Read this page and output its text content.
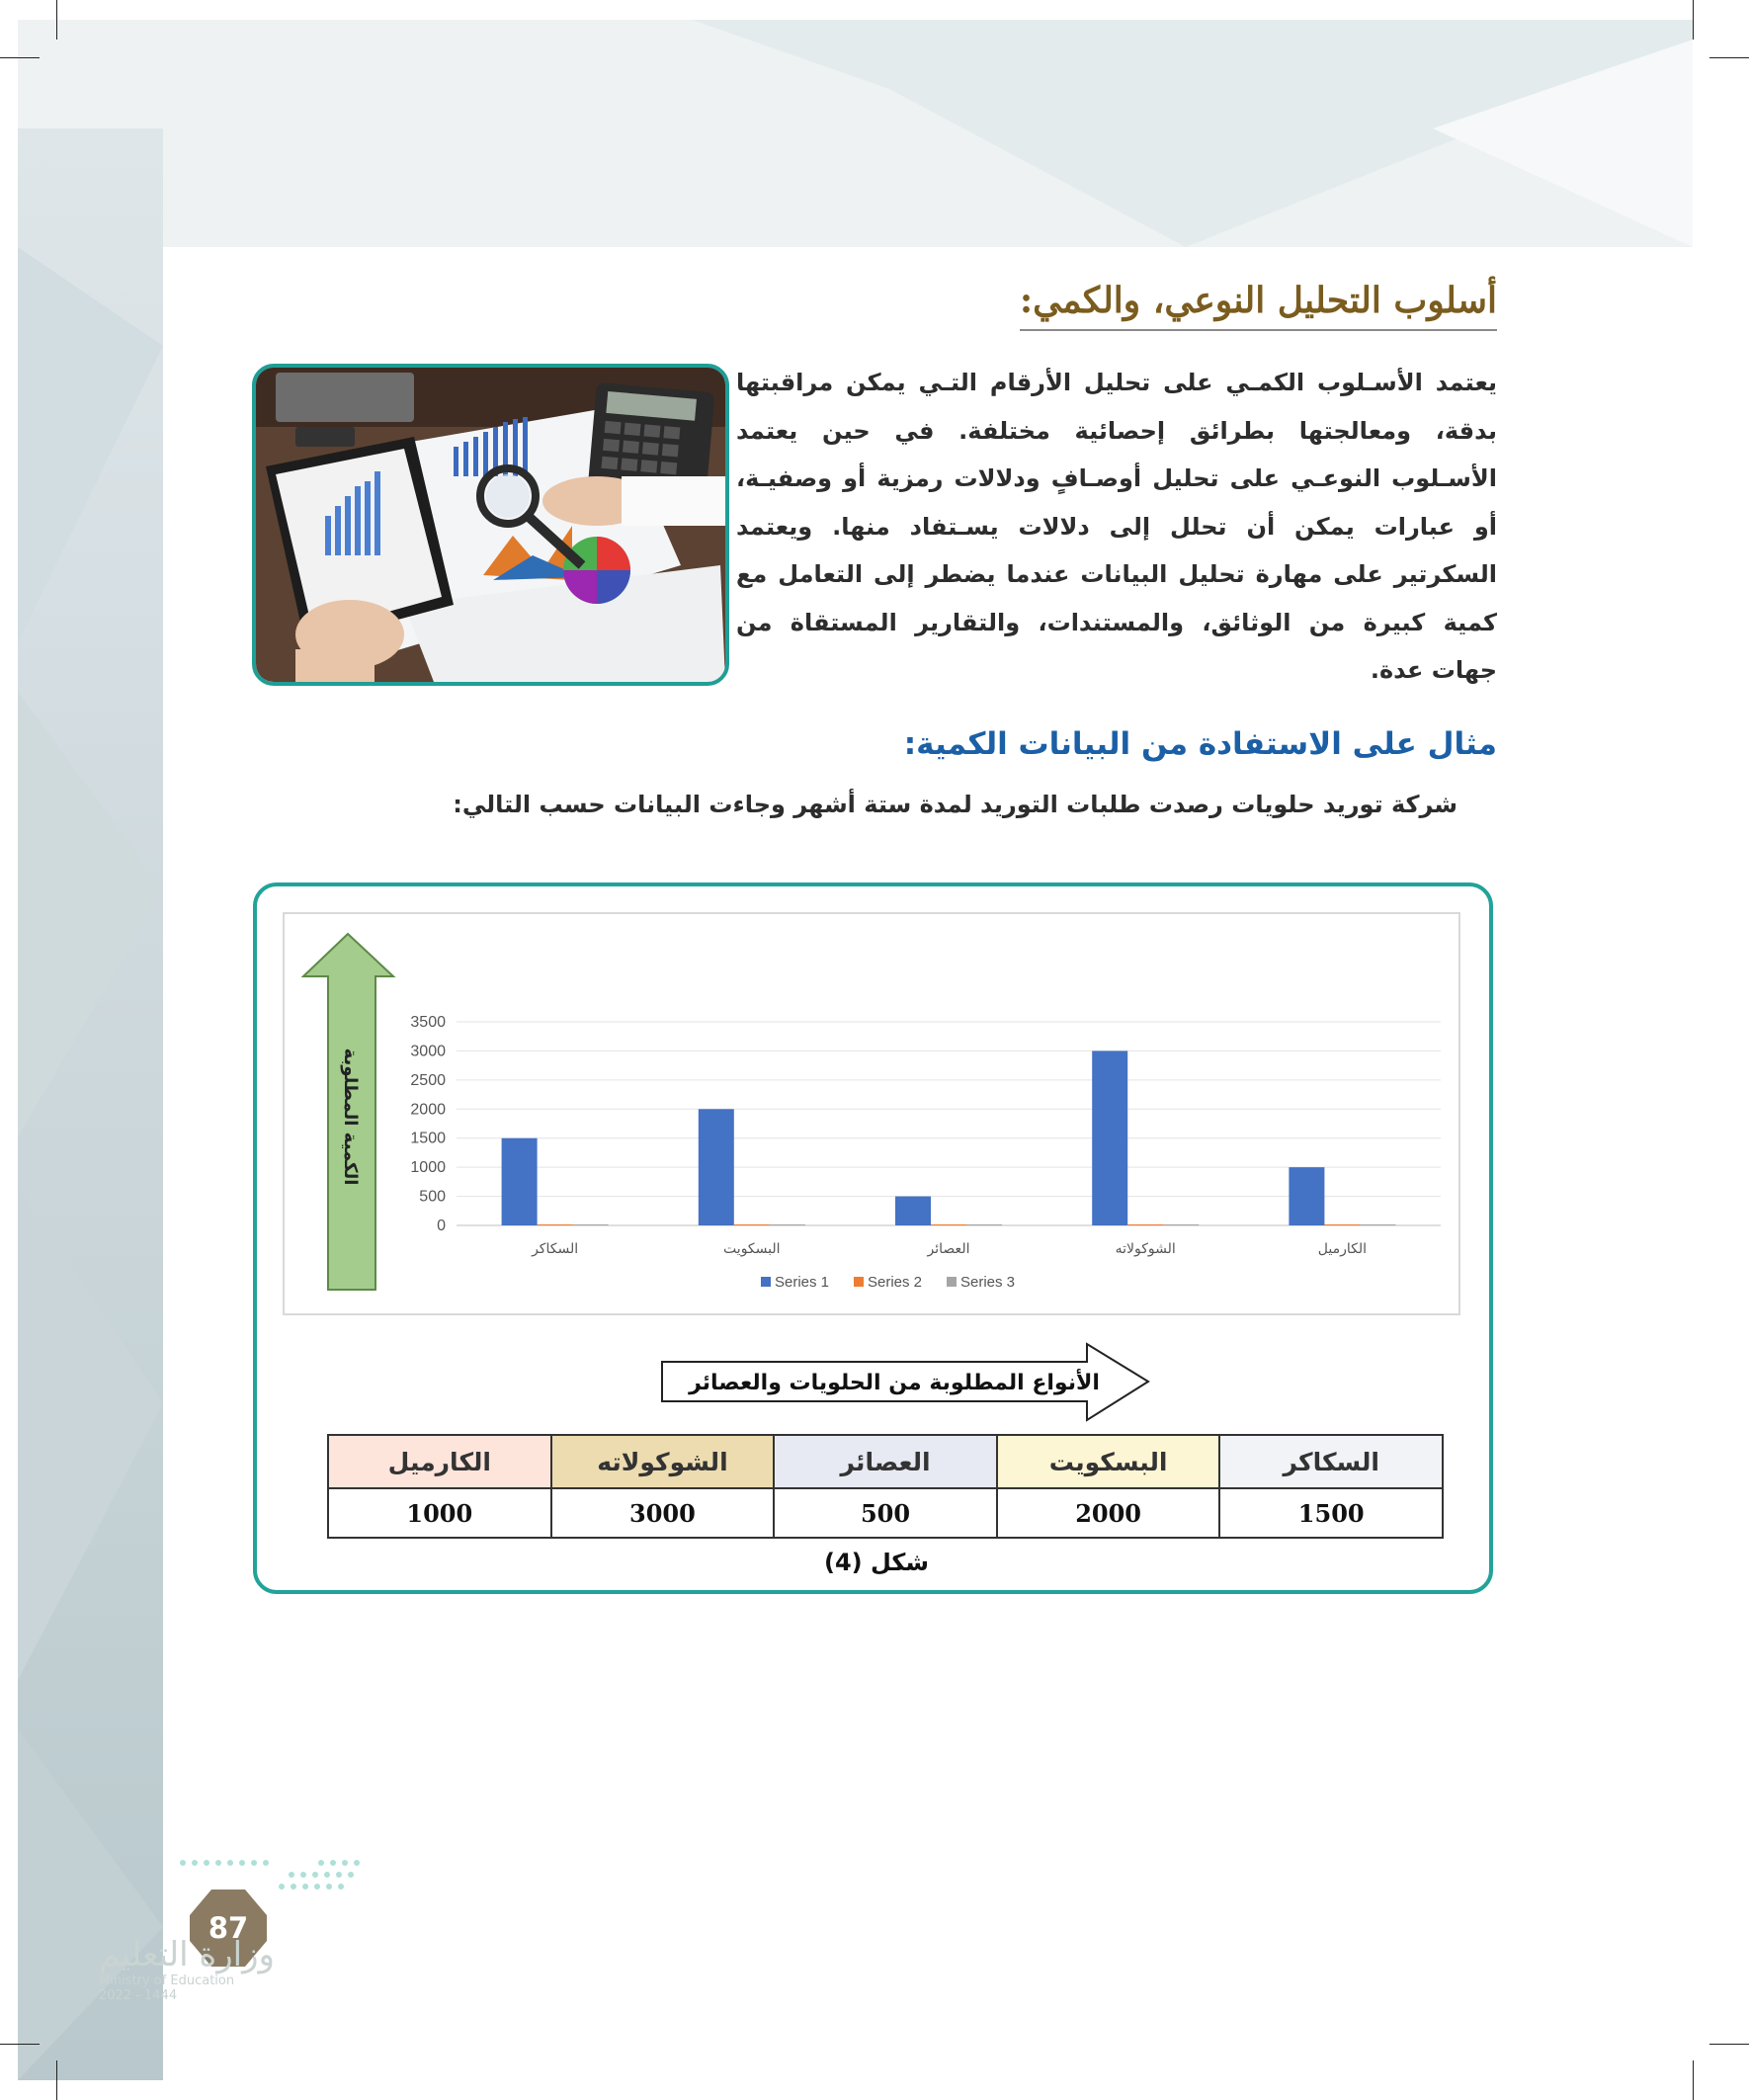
أسلوب التحليل النوعي، والكمي:

يعتمد الأسـلوب الكمـي على تحليل الأرقام التـي يمكن مراقبتها بدقة، ومعالجتها بطرائق إحصائية مختلفة. في حين يعتمد الأسـلوب النوعـي على تحليل أوصـافٍ ودلالات رمزية أو وصفيـة، أو عبارات يمكن أن تحلل إلى دلالات يسـتفاد منها. ويعتمد السكرتير على مهارة تحليل البيانات عندما يضطر إلى التعامل مع كمية كبيرة من الوثائق، والمستندات، والتقارير المستقاة من جهات عدة.

مثال على الاستفادة من البيانات الكمية:

شركة توريد حلويات رصدت طلبات التوريد لمدة ستة أشهر وجاءت البيانات حسب التالي:

الكمية المطلوبة
0
500
1000
1500
2000
2500
3000
3500
السكاكر	البسكويت	العصائر	الشوكولاته	الكارميل
Series 1	Series 2	Series 3
الأنواع المطلوبة من الحلويات والعصائر
السكاكر	البسكويت	العصائر	الشوكولاته	الكارميل
1500	2000	500	3000	1000

شكل (4)

87
وزارة التعليم
Ministry of Education
2022 - 1444
